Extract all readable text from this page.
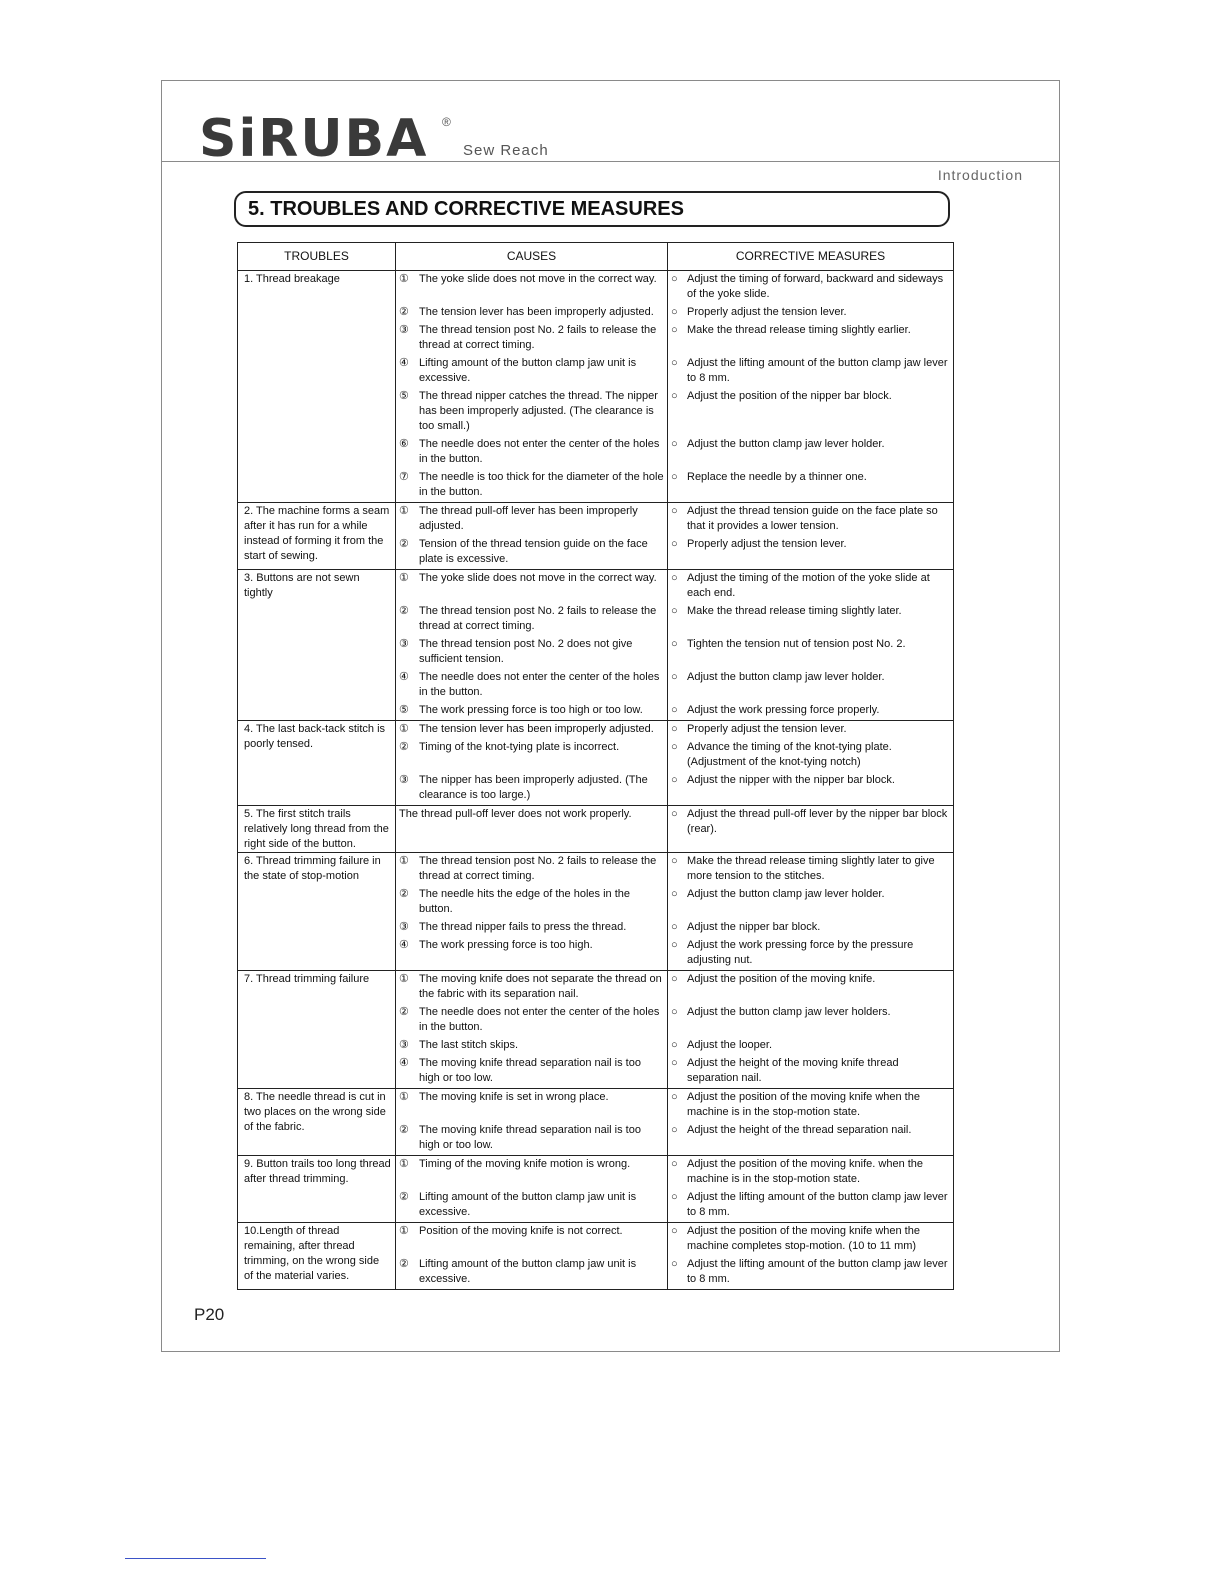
SiRUBA ®
Sew Reach
Introduction
5. TROUBLES AND CORRECTIVE MEASURES
TROUBLES	CAUSES	CORRECTIVE MEASURES
1. Thread breakage	① The yoke slide does not move in the correct way.	○ Adjust the timing of forward, backward and sideways of the yoke slide.

	② The tension lever has been improperly adjusted.	○ Properly adjust the tension lever.

	③ The thread tension post No. 2 fails to release the thread at correct timing.	○ Make the thread release timing slightly earlier.

	④ Lifting amount of the button clamp jaw unit is excessive.	○ Adjust the lifting amount of the button clamp jaw lever to 8 mm.

	⑤ The thread nipper catches the thread. The nipper has been improperly adjusted. (The clearance is too small.)	○ Adjust the position of the nipper bar block.

	⑥ The needle does not enter the center of the holes in the button.	○ Adjust the button clamp jaw lever holder.

	⑦ The needle is too thick for the diameter of the hole in the button.	○ Replace the needle by a thinner one.

2. The machine forms a seam after it has run for a while instead of forming it from the start of sewing.	① The thread pull-off lever has been improperly adjusted.	○ Adjust the thread tension guide on the face plate so that it provides a lower tension.

	② Tension of the thread tension guide on the face plate is excessive.	○ Properly adjust the tension lever.

3. Buttons are not sewn tightly	① The yoke slide does not move in the correct way.	○ Adjust the timing of the motion of the yoke slide at each end.

	② The thread tension post No. 2 fails to release the thread at correct timing.	○ Make the thread release timing slightly later.

	③ The thread tension post No. 2 does not give sufficient tension.	○ Tighten the tension nut of tension post No. 2.

	④ The needle does not enter the center of the holes in the button.	○ Adjust the button clamp jaw lever holder.

	⑤ The work pressing force is too high or too low.	○ Adjust the work pressing force properly.

4. The last back-tack stitch is poorly tensed.	① The tension lever has been improperly adjusted.	○ Properly adjust the tension lever.

	② Timing of the knot-tying plate is incorrect.	○ Advance the timing of the knot-tying plate. (Adjustment of the knot-tying notch)

	③ The nipper has been improperly adjusted. (The clearance is too large.)	○ Adjust the nipper with the nipper bar block.

5. The first stitch trails relatively long thread from the right side of the button.	The thread pull-off lever does not work properly.	○ Adjust the thread pull-off lever by the nipper bar block (rear).

6. Thread trimming failure in the state of stop-motion	① The thread tension post No. 2 fails to release the thread at correct timing.	○ Make the thread release timing slightly later to give more tension to the stitches.

	② The needle hits the edge of the holes in the button.	○ Adjust the button clamp jaw lever holder.

	③ The thread nipper fails to press the thread.	○ Adjust the nipper bar block.

	④ The work pressing force is too high.	○ Adjust the work pressing force by the pressure adjusting nut.

7. Thread trimming failure	① The moving knife does not separate the thread on the fabric with its separation nail.	○ Adjust the position of the moving knife.

	② The needle does not enter the center of the holes in the button.	○ Adjust the button clamp jaw lever holders.

	③ The last stitch skips.	○ Adjust the looper.

	④ The moving knife thread separation nail is too high or too low.	○ Adjust the height of the moving knife thread separation nail.

8. The needle thread is cut in two places on the wrong side of the fabric.	① The moving knife is set in wrong place.	○ Adjust the position of the moving knife when the machine is in the stop-motion state.

	② The moving knife thread separation nail is too high or too low.	○ Adjust the height of the thread separation nail.

9. Button trails too long thread after thread trimming.	① Timing of the moving knife motion is wrong.	○ Adjust the position of the moving knife. when the machine is in the stop-motion state.

	② Lifting amount of the button clamp jaw unit is excessive.	○ Adjust the lifting amount of the button clamp jaw lever to 8 mm.

10.Length of thread remaining, after thread trimming, on the wrong side of the material varies.	① Position of the moving knife is not correct.	○ Adjust the position of the moving knife when the machine completes stop-motion. (10 to 11 mm)

	② Lifting amount of the button clamp jaw unit is excessive.	○ Adjust the lifting amount of the button clamp jaw lever to 8 mm.
P20
